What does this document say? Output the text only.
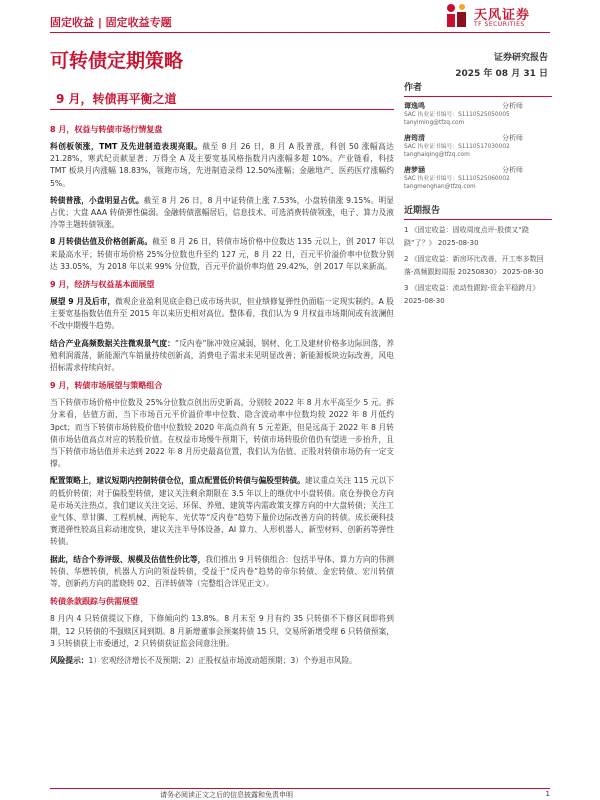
固定收益 | 固定收益专题	天风证券
TF SECURITIES
可转债定期策略	证券研究报告
2025 年 08 月 31 日
9 月，转债再平衡之道
8 月，权益与转债市场行情复盘
科创板领涨，TMT 及先进制造表现亮眼。截至 8 月 26 日，8 月 A 股普涨，科创 50 涨幅高达 21.28%，寒武纪贡献显著；万得全 A 及主要宽基风格指数月内涨幅多超 10%。产业链看，科技 TMT 板块月内涨幅 18.83%，领跑市场，先进制造录得 12.50%涨幅；金融地产、医药医疗涨幅约 5%。
转债普涨，小盘明显占优。截至 8 月 26 日，8 月中证转债上涨 7.53%，小盘转债涨 9.15%。明显占优；大盘 AAA 转债弹性偏弱。金融转债涨幅居后，信息技术、可选消费转债领涨，电子、算力及液冷等主题转债领涨。
8 月转债估值及价格创新高。截至 8 月 26 日，转债市场价格中位数达 135 元以上，创 2017 年以来最高水平；转债市场价格 25%分位数也升至约 127 元，8 月 22 日，百元平价溢价率中位数分别达 33.05%，为 2018 年以来 99% 分位数，百元平价溢价率均值 29.42%，创 2017 年以来新高。
9 月，经济与权益基本面展望
展望 9 月及后市，微观企业盈利见底企稳已成市场共识，但业绩修复弹性仍面临一定现实制约。A 股主要宽基指数估值升至 2015 年以来历史相对高位。整体看，我们认为 9 月权益市场期间或有波澜但不改中期慢牛趋势。
结合产业高频数据关注微观景气度：“反内卷”脉冲效应减弱，钢材、化工及建材价格多边际回落，养殖利润震荡，新能源汽车销量持续创新高，消费电子需求未见明显改善；新能源板块边际改善，风电招标需求持续向好。
9 月，转债市场展望与策略组合
当下转债市场价格中位数及 25%分位数点创出历史新高，分别较 2022 年 8 月水平高至少 5 元。拆分来看，估值方面，当下市场百元平价溢价率中位数、隐含波动率中位数均较 2022 年 8 月低约 3pct；而当下转债市场转股价值中位数较 2020 年高点尚有 5 元差距，但是远高于 2022 年 8 月转债市场估值高点对应的转股价值。在权益市场慢牛预期下，转债市场转股价值仍有望进一步抬升，且当下转债市场估值并未达到 2022 年 8 月历史最高位置，我们认为估值、正股对转债市场仍有一定支撑。
配置策略上，建议短期内控制转债仓位，重点配置低价转债与偏股型转债。建议重点关注 115 元以下的低价转债；对于偏股型转债，建议关注剩余期限在 3.5 年以上的继优中小盘转债。底仓券换仓方向是市场关注热点，我们建议关注交运、环保、养殖、建筑等内需政策支撑方向的中大盘转债；关注工业气体、草甘膦、工程机械、两轮车、光伏等“反内卷”趋势下量价边际改善方向的转债。成长硬科技赛道弹性较高且彩动速度快，建议关注半导体设备、AI 算力、人形机器人、新型材料、创新药等弹性转债。
据此，结合个券评级、规模及估值性价比等，我们推出 9 月转债组合：包括半导体、算力方向的伟测转债、华懋转债，机器人方向的领益转债，受益于“反内卷”趋势的帝尔转债、金宏转债、宏川转债等，创新药方向的蓝晓转 02、百洋转债等（完整组合详见正文）。
转债条款跟踪与供需展望
8 月内 4 只转债提议下修，下修倾向约 13.8%。8 月末至 9 月有约 35 只转债不下修区间即将到期，12 只转债的不强赎区间到期。8 月新增董事会预案转债 15 只，交易所新增受理 6 只转债预案，3 只转债获上市委通过，2 只转债获证监会同意注册。
风险提示：1）宏观经济增长不及预期；2）正股权益市场波动超预期；3）个券退市风险。
作者
谭逸鸣	分析师
SAC 执业证书编号：S1110525050005
tanyiming@tfzq.com
唐筠清	分析师
SAC 执业证书编号：S1110517030002
tanghaiqing@tfzq.com
唐梦涵	分析师
SAC 执业证书编号：S1110525060002
tangmenghan@tfzq.com
近期报告
1 《固定收益：固收周度点评-股债又“跷跷”了？》 2025-08-30
2 《固定收益：新房环比改善，开工率多数回落-高频跟踪周报 20250830》 2025-08-30
3 《固定收益：流动性跟踪-资金平稳跨月》 2025-08-30
请务必阅读正文之后的信息披露和免责申明	1
